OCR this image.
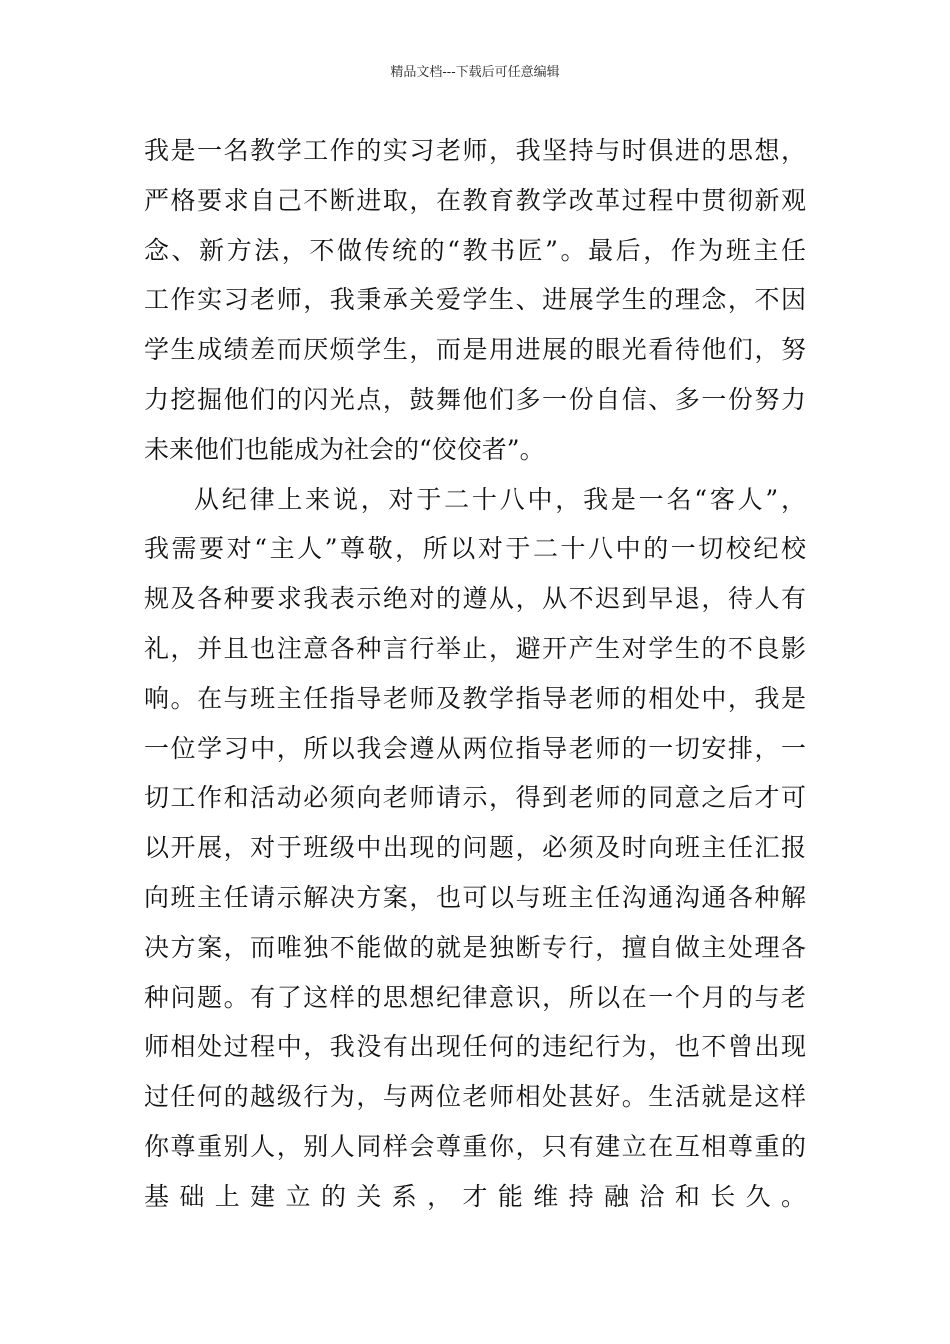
精品文档---下载后可任意编辑
我是一名教学工作的实习老师，我坚持与时俱进的思想，
严格要求自己不断进取，在教育教学改革过程中贯彻新观
念、新方法，不做传统的“教书匠”。最后，作为班主任
工作实习老师，我秉承关爱学生、进展学生的理念，不因
学生成绩差而厌烦学生，而是用进展的眼光看待他们，努
力挖掘他们的闪光点，鼓舞他们多一份自信、多一份努力
未来他们也能成为社会的“佼佼者”。
从纪律上来说，对于二十八中，我是一名“客人”，
我需要对“主人”尊敬，所以对于二十八中的一切校纪校
规及各种要求我表示绝对的遵从，从不迟到早退，待人有
礼，并且也注意各种言行举止，避开产生对学生的不良影
响。在与班主任指导老师及教学指导老师的相处中，我是
一位学习中，所以我会遵从两位指导老师的一切安排，一
切工作和活动必须向老师请示，得到老师的同意之后才可
以开展，对于班级中出现的问题，必须及时向班主任汇报
向班主任请示解决方案，也可以与班主任沟通沟通各种解
决方案，而唯独不能做的就是独断专行，擅自做主处理各
种问题。有了这样的思想纪律意识，所以在一个月的与老
师相处过程中，我没有出现任何的违纪行为，也不曾出现
过任何的越级行为，与两位老师相处甚好。生活就是这样
你尊重别人，别人同样会尊重你，只有建立在互相尊重的
基础上建立的关系，才能维持融洽和长久。
